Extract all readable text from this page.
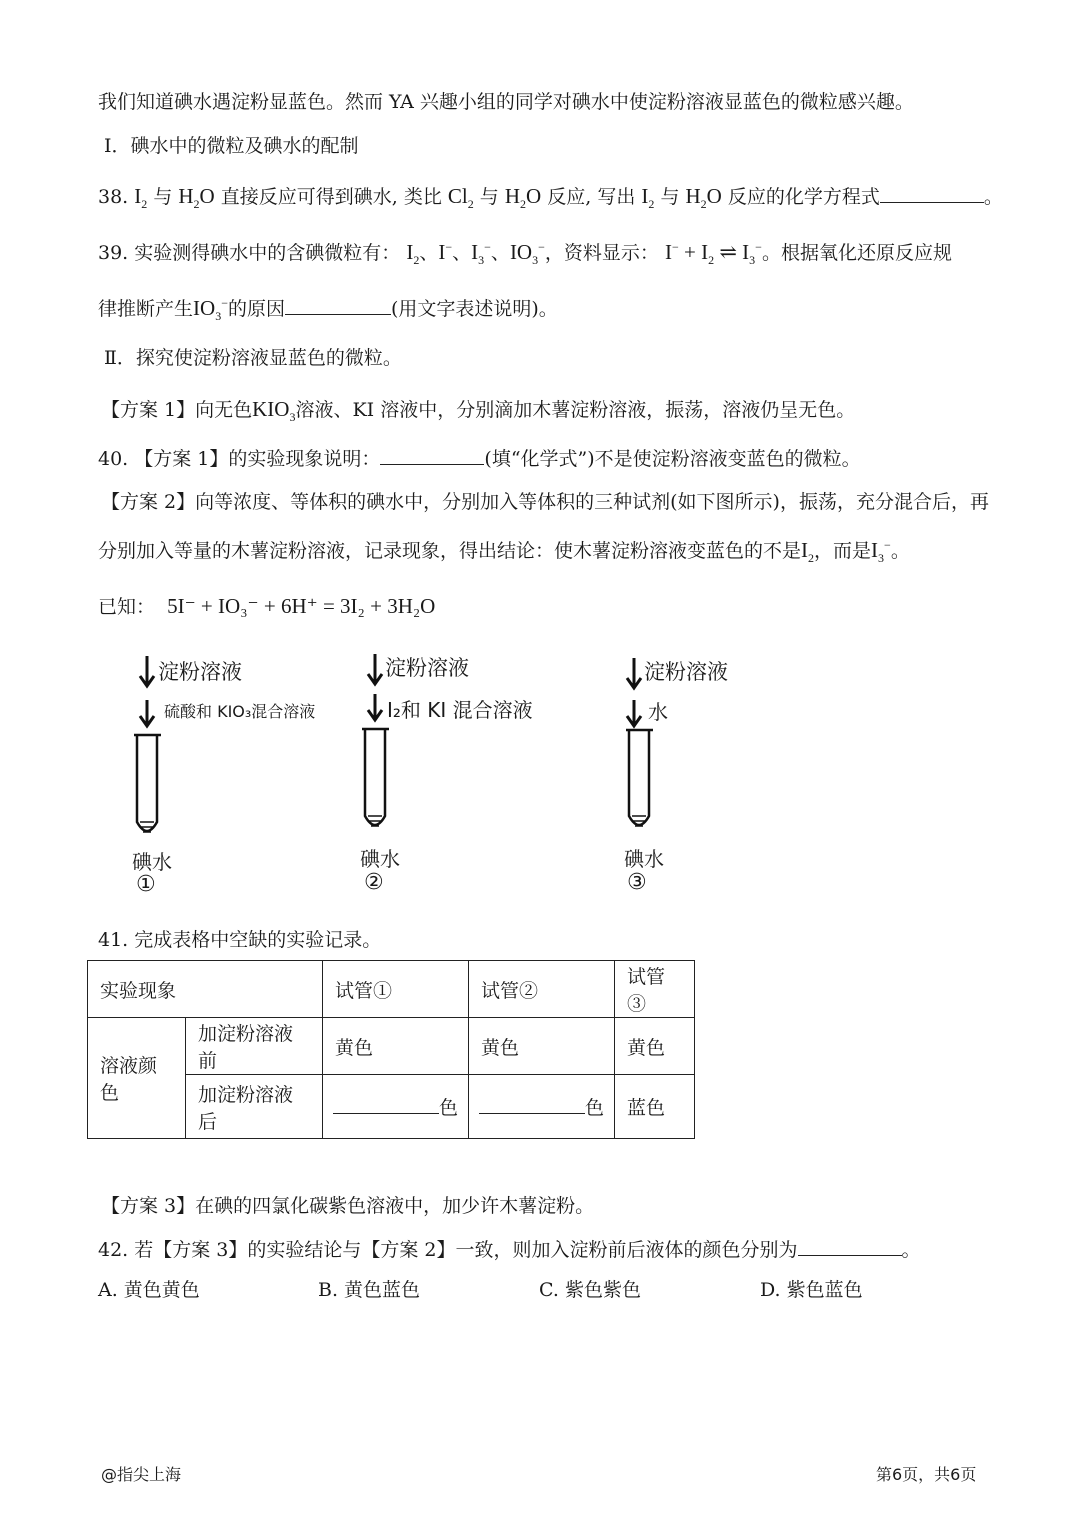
我们知道碘水遇淀粉显蓝色。然而 YA 兴趣小组的同学对碘水中使淀粉溶液显蓝色的微粒感兴趣。
Ⅰ．碘水中的微粒及碘水的配制
38. $I_2$ 与 $H_2O$ 直接反应可得到碘水, 类比 $Cl_2$ 与 $H_2O$ 反应, 写出 $I_2$ 与 $H_2O$ 反应的化学方程式	。
39. 实验测得碘水中的含碘微粒有： $I_2$、I−、$I_3^-$、$IO_3^-$，资料显示： $I^- + I_2$ ⇌ $I_3^-$。根据氧化还原反应规
律推断产生$IO_3^-$的原因	(用文字表述说明)。
Ⅱ．探究使淀粉溶液显蓝色的微粒。
【方案 1】向无色$KIO_3$溶液、KI 溶液中，分别滴加木薯淀粉溶液，振荡，溶液仍呈无色。
40. 【方案 1】的实验现象说明：	(填“化学式”)不是使淀粉溶液变蓝色的微粒。
【方案 2】向等浓度、等体积的碘水中，分别加入等体积的三种试剂(如下图所示)，振荡，充分混合后，再
分别加入等量的木薯淀粉溶液，记录现象，得出结论：使木薯淀粉溶液变蓝色的不是$I_2$，而是$I_3^-$。
已知： 5I⁻ + IO₃⁻ + 6H⁺ = 3I₂ + 3H₂O
淀粉溶液
硫酸和 KIO₃混合溶液
碘水
①
淀粉溶液
I₂和 KI 混合溶液
碘水
②
淀粉溶液
水
碘水
③
41. 完成表格中空缺的实验记录。
实验现象		试管①	试管②	试管③
溶液颜色	加淀粉溶液前	黄色	黄色	黄色
	加淀粉溶液后	色	色	蓝色
【方案 3】在碘的四氯化碳紫色溶液中，加少许木薯淀粉。
42. 若【方案 3】的实验结论与【方案 2】一致，则加入淀粉前后液体的颜色分别为	。
A. 黄色黄色	B. 黄色蓝色	C. 紫色紫色	D. 紫色蓝色
@指尖上海	第6页，共6页
